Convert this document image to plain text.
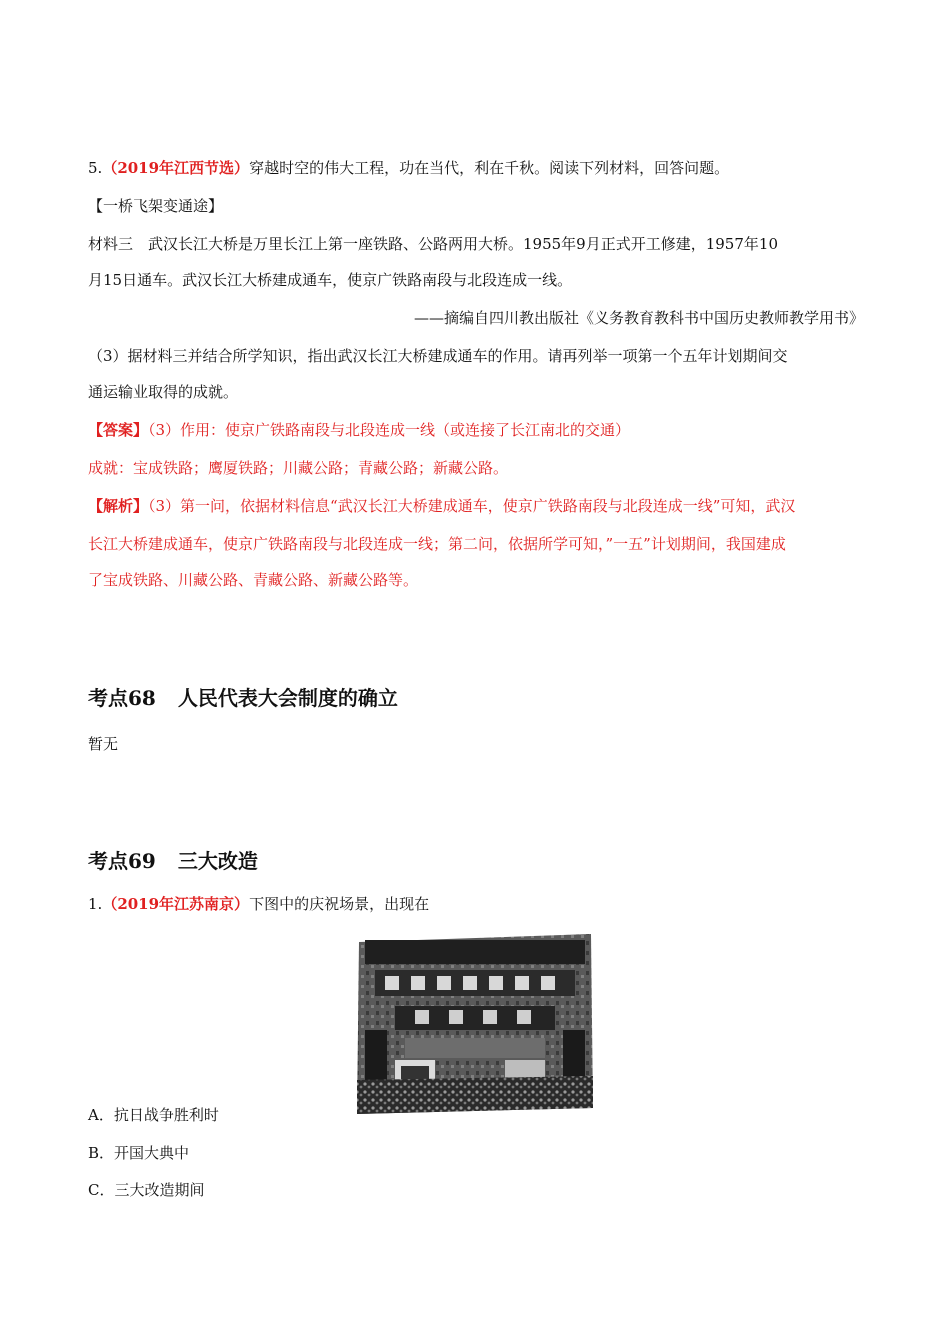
5.（2019年江西节选）穿越时空的伟大工程，功在当代，利在千秋。阅读下列材料，回答问题。
【一桥飞架变通途】
材料三　武汉长江大桥是万里长江上第一座铁路、公路两用大桥。1955年9月正式开工修建，1957年10
月15日通车。武汉长江大桥建成通车，使京广铁路南段与北段连成一线。
——摘编自四川教出版社《义务教育教科书中国历史教师教学用书》
（3）据材料三并结合所学知识，指出武汉长江大桥建成通车的作用。请再列举一项第一个五年计划期间交
通运输业取得的成就。
【答案】（3）作用：使京广铁路南段与北段连成一线（或连接了长江南北的交通）
成就：宝成铁路；鹰厦铁路；川藏公路；青藏公路；新藏公路。
【解析】（3）第一问，依据材料信息“武汉长江大桥建成通车，使京广铁路南段与北段连成一线”可知，武汉
长江大桥建成通车，使京广铁路南段与北段连成一线；第二问，依据所学可知，”一五”计划期间，我国建成
了宝成铁路、川藏公路、青藏公路、新藏公路等。
考点68 人民代表大会制度的确立
暂无
考点69 三大改造
1.（2019年江苏南京）下图中的庆祝场景，出现在
A．抗日战争胜利时
B．开国大典中
C．三大改造期间
